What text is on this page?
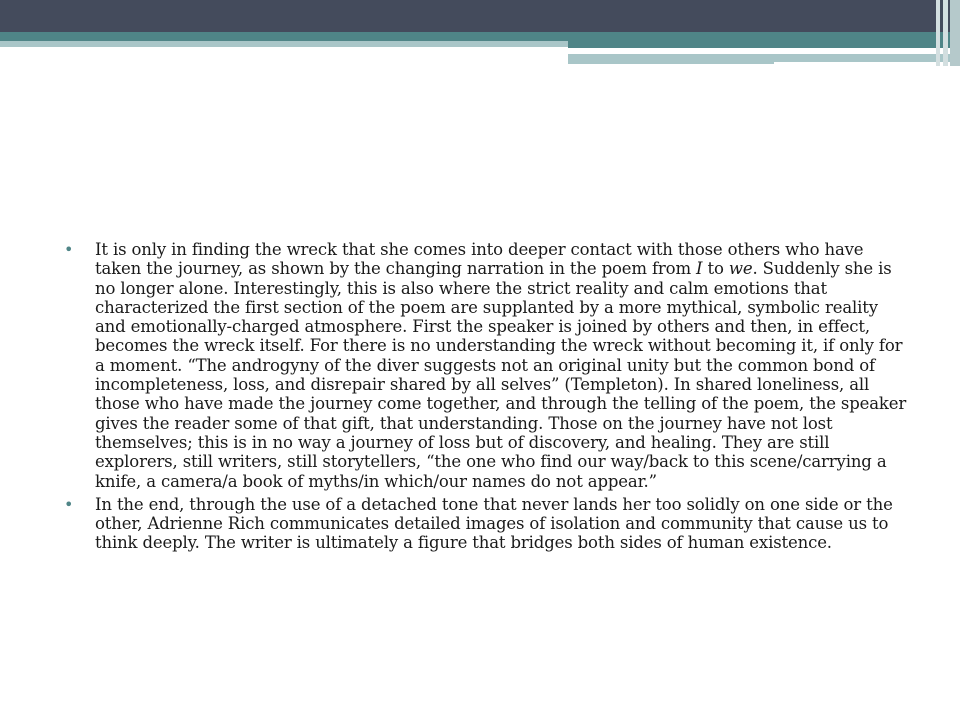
• It is only in finding the wreck that she comes into deeper contact with those others who have taken the journey, as shown by the changing narration in the poem from I to we. Suddenly she is no longer alone. Interestingly, this is also where the strict reality and calm emotions that characterized the first section of the poem are supplanted by a more mythical, symbolic reality and emotionally-charged atmosphere. First the speaker is joined by others and then, in effect, becomes the wreck itself. For there is no understanding the wreck without becoming it, if only for a moment. “The androgyny of the diver suggests not an original unity but the common bond of incompleteness, loss, and disrepair shared by all selves” (Templeton). In shared loneliness, all those who have made the journey come together, and through the telling of the poem, the speaker gives the reader some of that gift, that understanding. Those on the journey have not lost themselves; this is in no way a journey of loss but of discovery, and healing. They are still explorers, still writers, still storytellers, “the one who find our way/back to this scene/carrying a knife, a camera/a book of myths/in which/our names do not appear.”
• In the end, through the use of a detached tone that never lands her too solidly on one side or the other, Adrienne Rich communicates detailed images of isolation and community that cause us to think deeply. The writer is ultimately a figure that bridges both sides of human existence.
